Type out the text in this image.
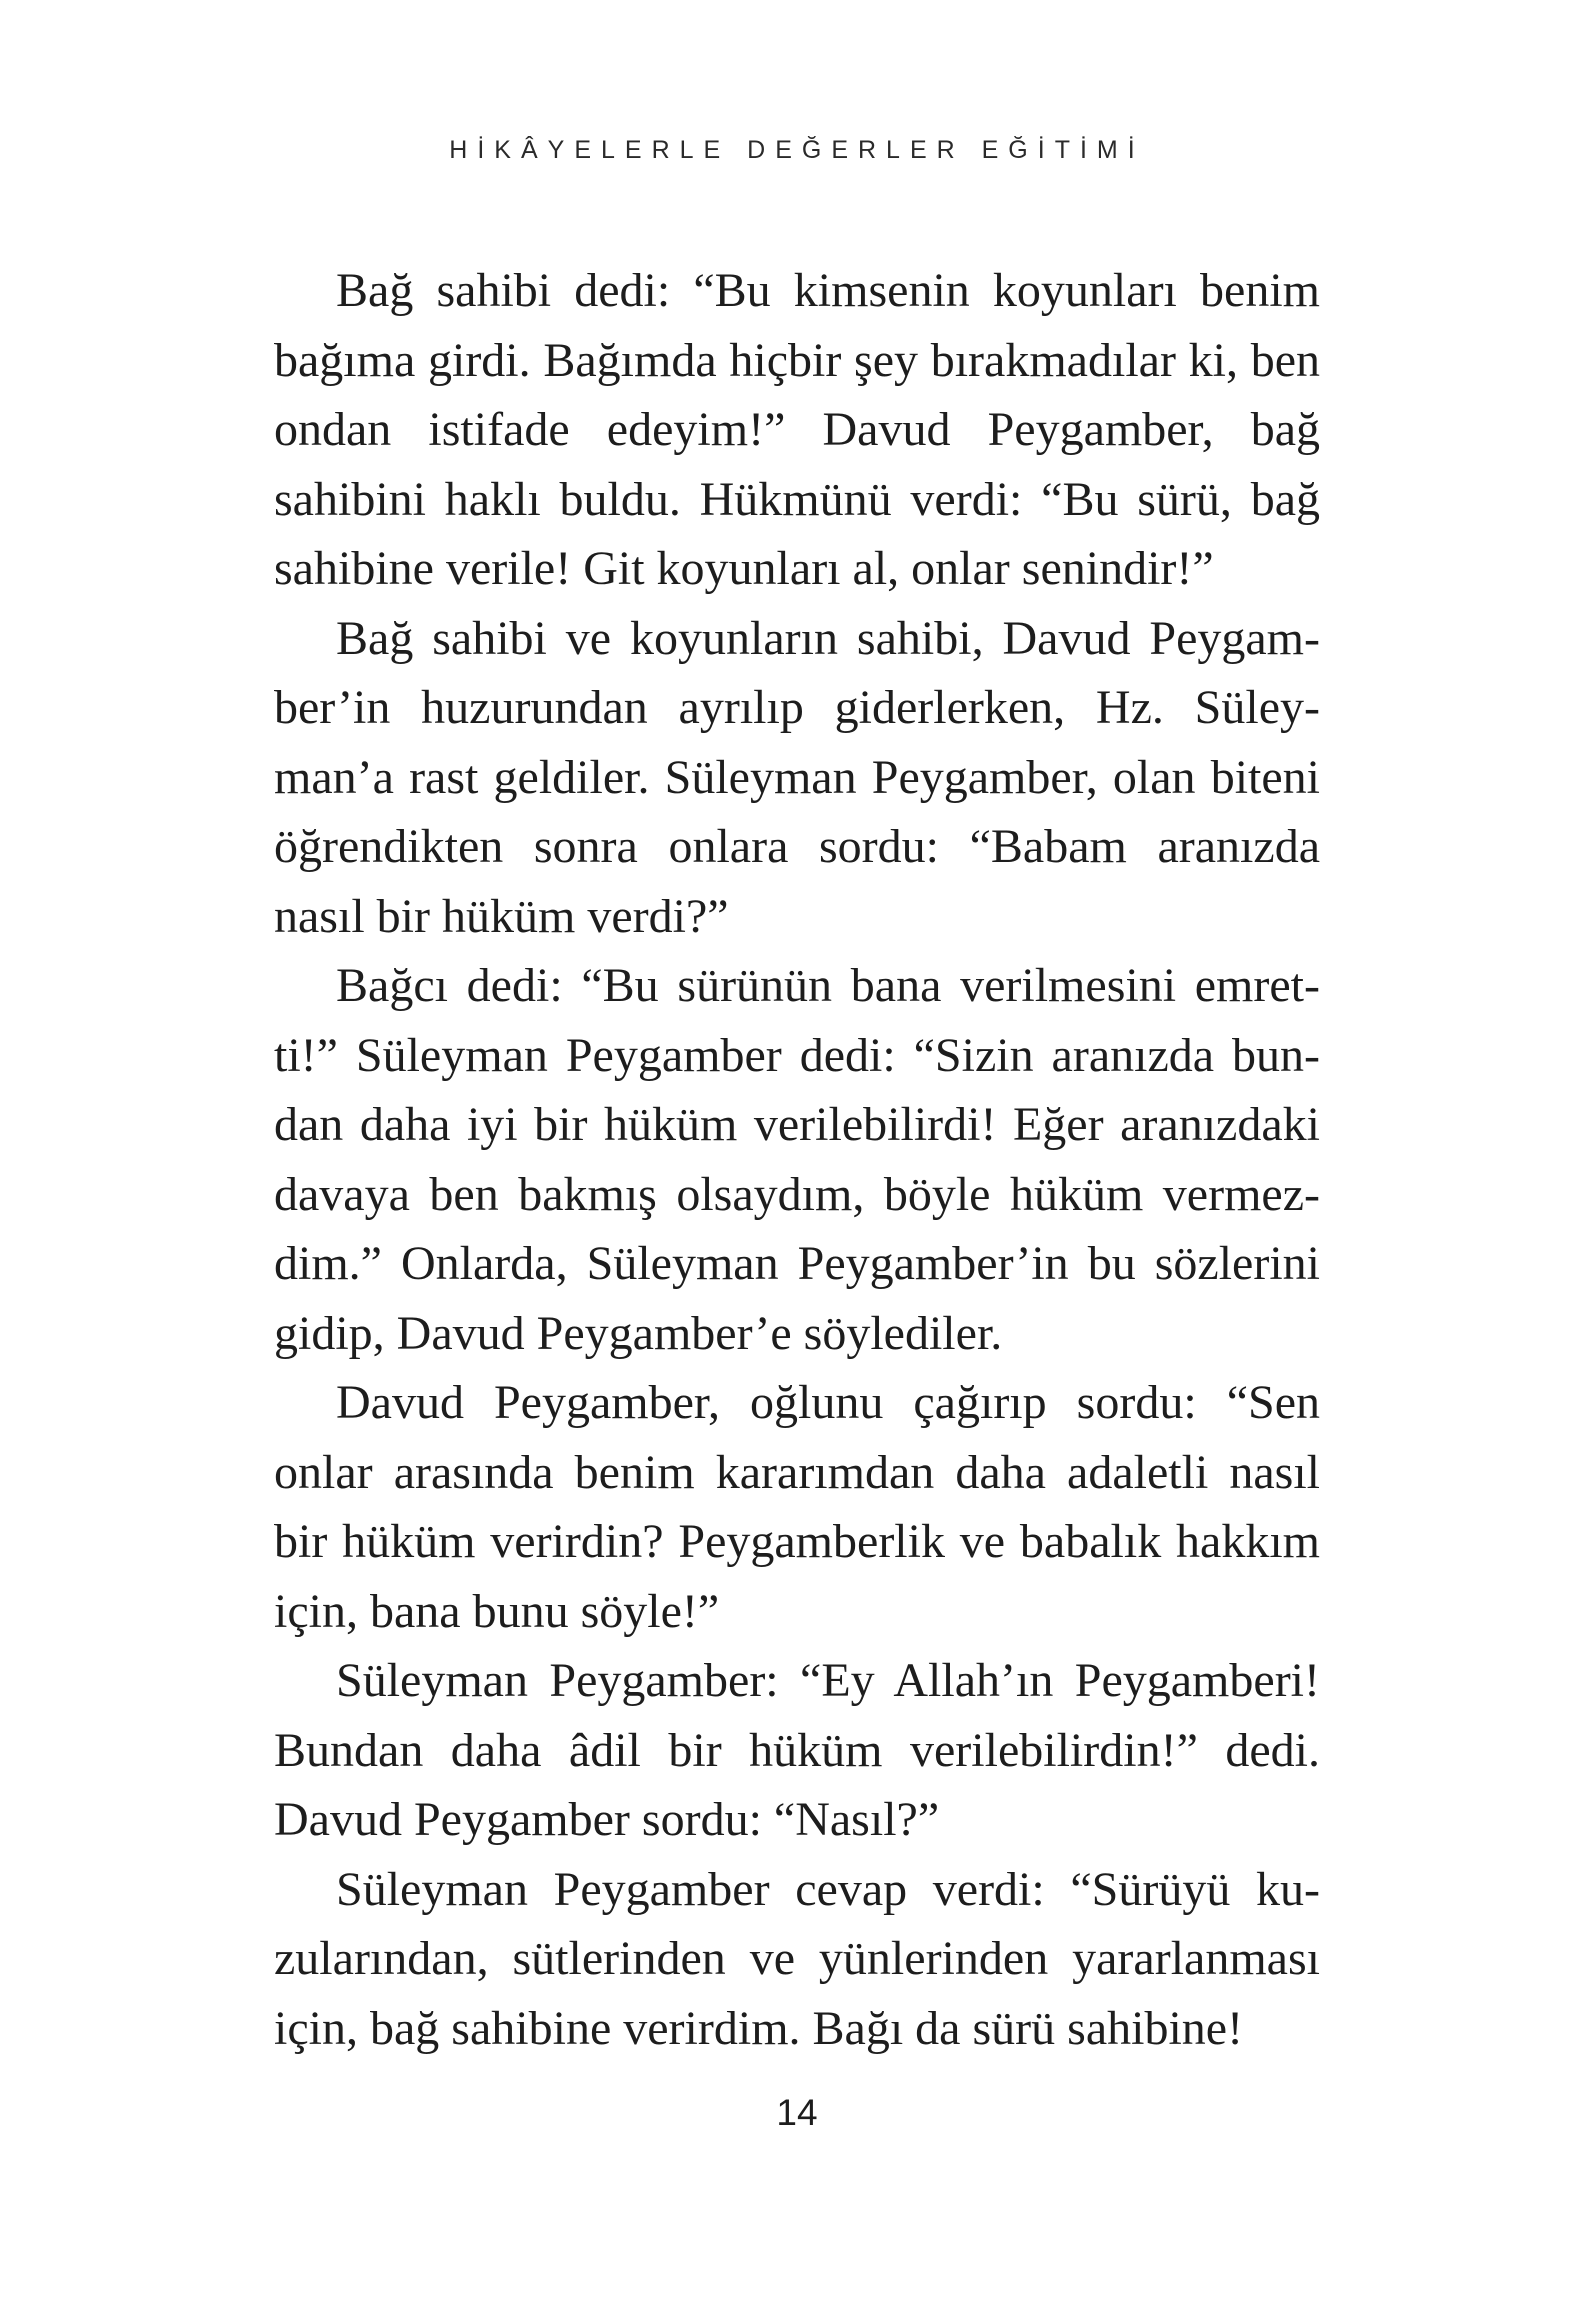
HİKÂYELERLE DEĞERLER EĞİTİMİ

Bağ sahibi dedi: “Bu kimsenin koyunları benim bağıma girdi. Bağımda hiçbir şey bırakmadılar ki, ben ondan istifade edeyim!” Davud Peygamber, bağ sahibini haklı buldu. Hükmünü verdi: “Bu sürü, bağ sahibine verile! Git koyunları al, onlar senindir!”

Bağ sahibi ve koyunların sahibi, Davud Peygamber’in huzurundan ayrılıp giderlerken, Hz. Süleyman’a rast geldiler. Süleyman Peygamber, olan biteni öğrendikten sonra onlara sordu: “Babam aranızda nasıl bir hüküm verdi?”

Bağcı dedi: “Bu sürünün bana verilmesini emretti!” Süleyman Peygamber dedi: “Sizin aranızda bundan daha iyi bir hüküm verilebilirdi! Eğer aranızdaki davaya ben bakmış olsaydım, böyle hüküm vermezdim.” Onlarda, Süleyman Peygamber’in bu sözlerini gidip, Davud Peygamber’e söylediler.

Davud Peygamber, oğlunu çağırıp sordu: “Sen onlar arasında benim kararımdan daha adaletli nasıl bir hüküm verirdin? Peygamberlik ve babalık hakkım için, bana bunu söyle!”

Süleyman Peygamber: “Ey Allah’ın Peygamberi! Bundan daha âdil bir hüküm verilebilirdin!” dedi. Davud Peygamber sordu: “Nasıl?”

Süleyman Peygamber cevap verdi: “Sürüyü kuzularından, sütlerinden ve yünlerinden yararlanması için, bağ sahibine verirdim. Bağı da sürü sahibine!

14
